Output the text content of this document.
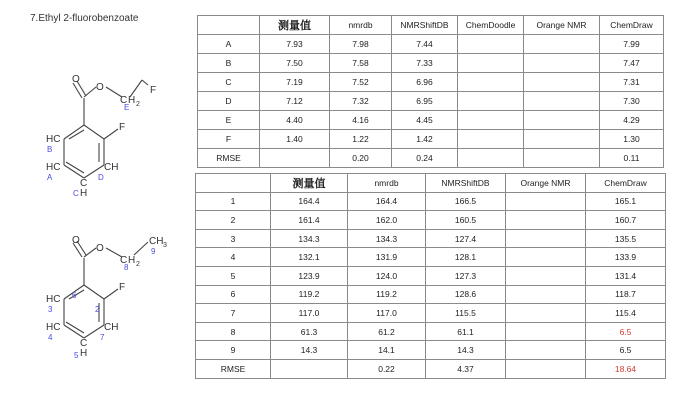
7.Ethyl 2-fluorobenzoate
O
O
C H 2
F
F
HC
HC	CH
C
H
E
B
A
C
D
O
O
C H 2
CH 3
F
HC
HC	CH
C
H
8
9
6
2
3
4
5
7
	测量值	nmrdb	NMRShiftDB	ChemDoodle	Orange NMR	ChemDraw
A	7.93	7.98	7.44			7.99
B	7.50	7.58	7.33			7.47
C	7.19	7.52	6.96			7.31
D	7.12	7.32	6.95			7.30
E	4.40	4.16	4.45			4.29
F	1.40	1.22	1.42			1.30
RMSE		0.20	0.24			0.11
	测量值	nmrdb	NMRShiftDB	Orange NMR	ChemDraw
1	164.4	164.4	166.5		165.1
2	161.4	162.0	160.5		160.7
3	134.3	134.3	127.4		135.5
4	132.1	131.9	128.1		133.9
5	123.9	124.0	127.3		131.4
6	119.2	119.2	128.6		118.7
7	117.0	117.0	115.5		115.4
8	61.3	61.2	61.1		6.5
9	14.3	14.1	14.3		6.5
RMSE		0.22	4.37		18.64
